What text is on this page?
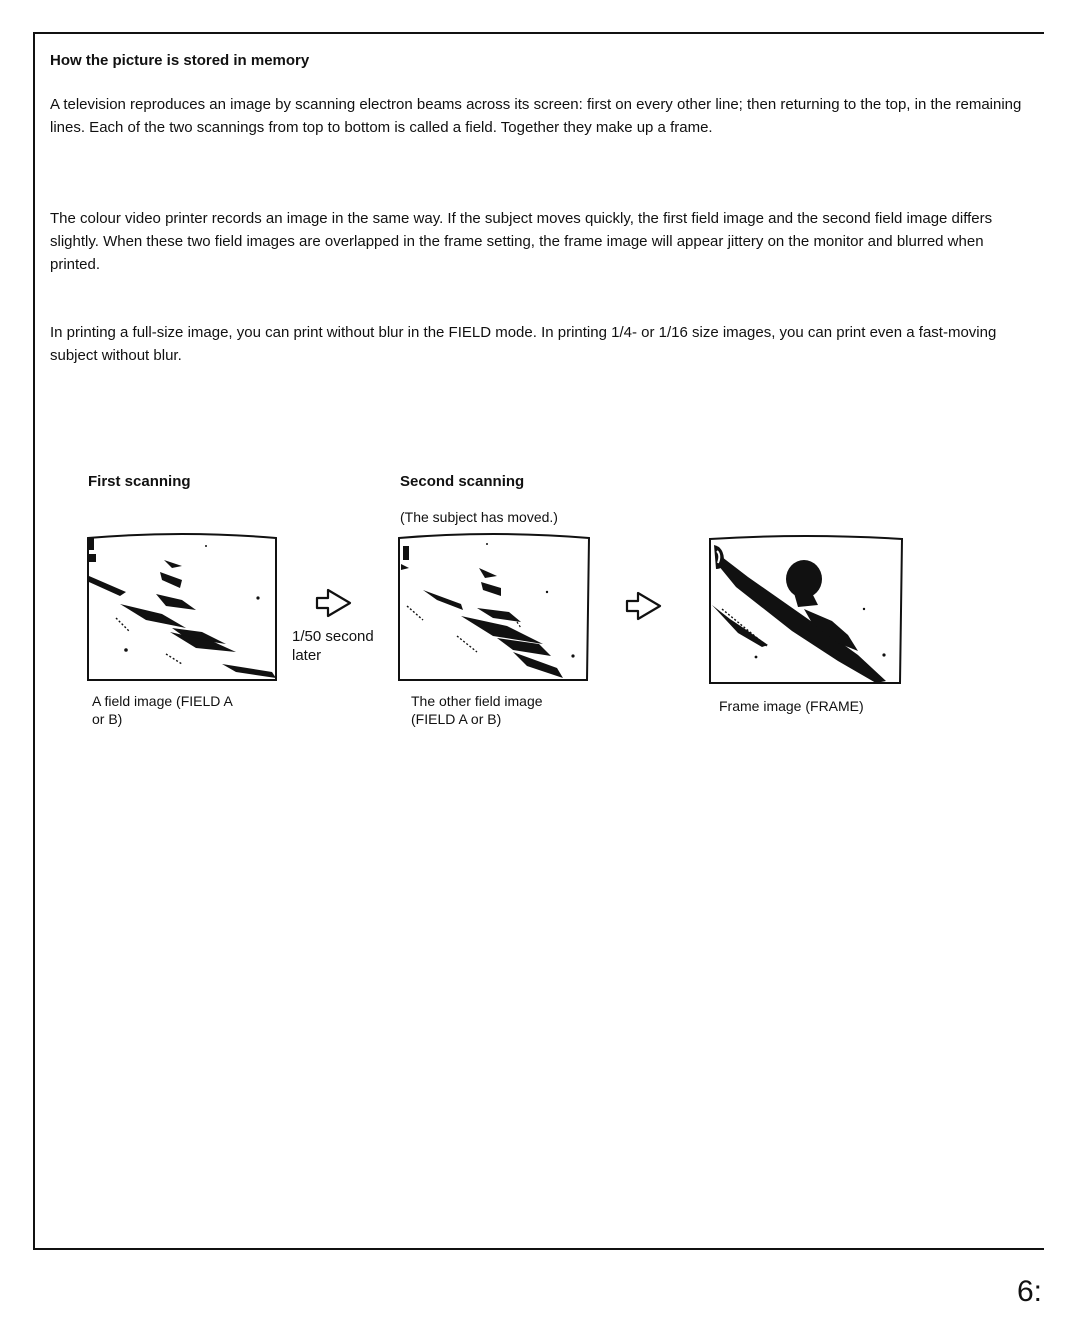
How the picture is stored in memory

A television reproduces an image by scanning electron beams across its screen: first on every other line; then returning to the top, in the remaining lines. Each of the two scannings from top to bottom is called a field. Together they make up a frame.

The colour video printer records an image in the same way. If the subject moves quickly, the first field image and the second field image differs slightly. When these two field images are overlapped in the frame setting, the frame image will appear jittery on the monitor and blurred when printed.

In printing a full-size image, you can print without blur in the FIELD mode. In printing 1/4- or 1/16 size images, you can print even a fast-moving subject without blur.

First scanning	Second scanning
(The subject has moved.)
1/50 second
later
A field image (FIELD A
or B)
The other field image
(FIELD A or B)
Frame image (FRAME)
6:
